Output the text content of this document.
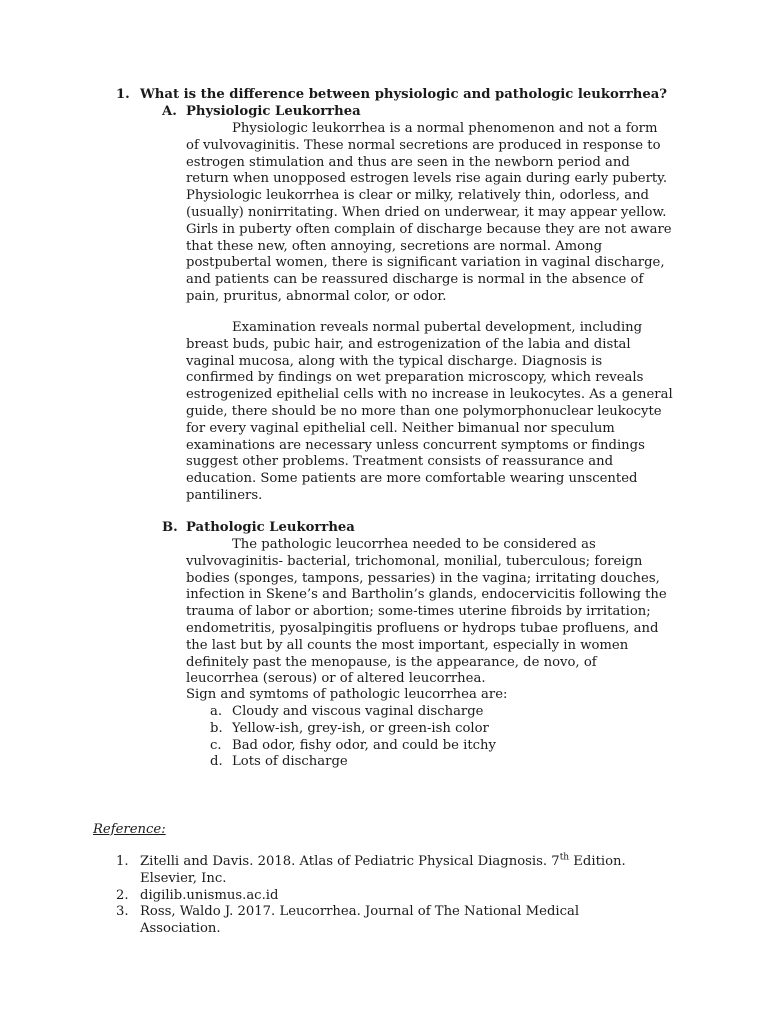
1. What is the difference between physiologic and pathologic leukorrhea?
A. Physiologic Leukorrhea

Physiologic leukorrhea is a normal phenomenon and not a form of vulvovaginitis. These normal secretions are produced in response to estrogen stimulation and thus are seen in the newborn period and return when unopposed estrogen levels rise again during early puberty. Physiologic leukorrhea is clear or milky, relatively thin, odorless, and (usually) nonirritating. When dried on underwear, it may appear yellow. Girls in puberty often complain of discharge because they are not aware that these new, often annoying, secretions are normal. Among postpubertal women, there is significant variation in vaginal discharge, and patients can be reassured discharge is normal in the absence of pain, pruritus, abnormal color, or odor.

Examination reveals normal pubertal development, including breast buds, pubic hair, and estrogenization of the labia and distal vaginal mucosa, along with the typical discharge. Diagnosis is confirmed by findings on wet preparation microscopy, which reveals estrogenized epithelial cells with no increase in leukocytes. As a general guide, there should be no more than one polymorphonuclear leukocyte for every vaginal epithelial cell. Neither bimanual nor speculum examinations are necessary unless concurrent symptoms or findings suggest other problems. Treatment consists of reassurance and education. Some patients are more comfortable wearing unscented pantiliners.

B. Pathologic Leukorrhea

The pathologic leucorrhea needed to be considered as vulvovaginitis- bacterial, trichomonal, monilial, tuberculous; foreign bodies (sponges, tampons, pessaries) in the vagina; irritating douches, infection in Skene’s and Bartholin’s glands, endocervicitis following the trauma of labor or abortion; some-times uterine fibroids by irritation; endometritis, pyosalpingitis profluens or hydrops tubae profluens, and the last but by all counts the most important, especially in women definitely past the menopause, is the appearance, de novo, of leucorrhea (serous) or of altered leucorrhea.

Sign and symtoms of pathologic leucorrhea are:

a. Cloudy and viscous vaginal discharge
b. Yellow-ish, grey-ish, or green-ish color
c. Bad odor, fishy odor, and could be itchy
d. Lots of discharge
Reference:
1. Zitelli and Davis. 2018. Atlas of Pediatric Physical Diagnosis. 7th Edition. Elsevier, Inc.
2. digilib.unismus.ac.id
3. Ross, Waldo J. 2017. Leucorrhea. Journal of The National Medical Association.
